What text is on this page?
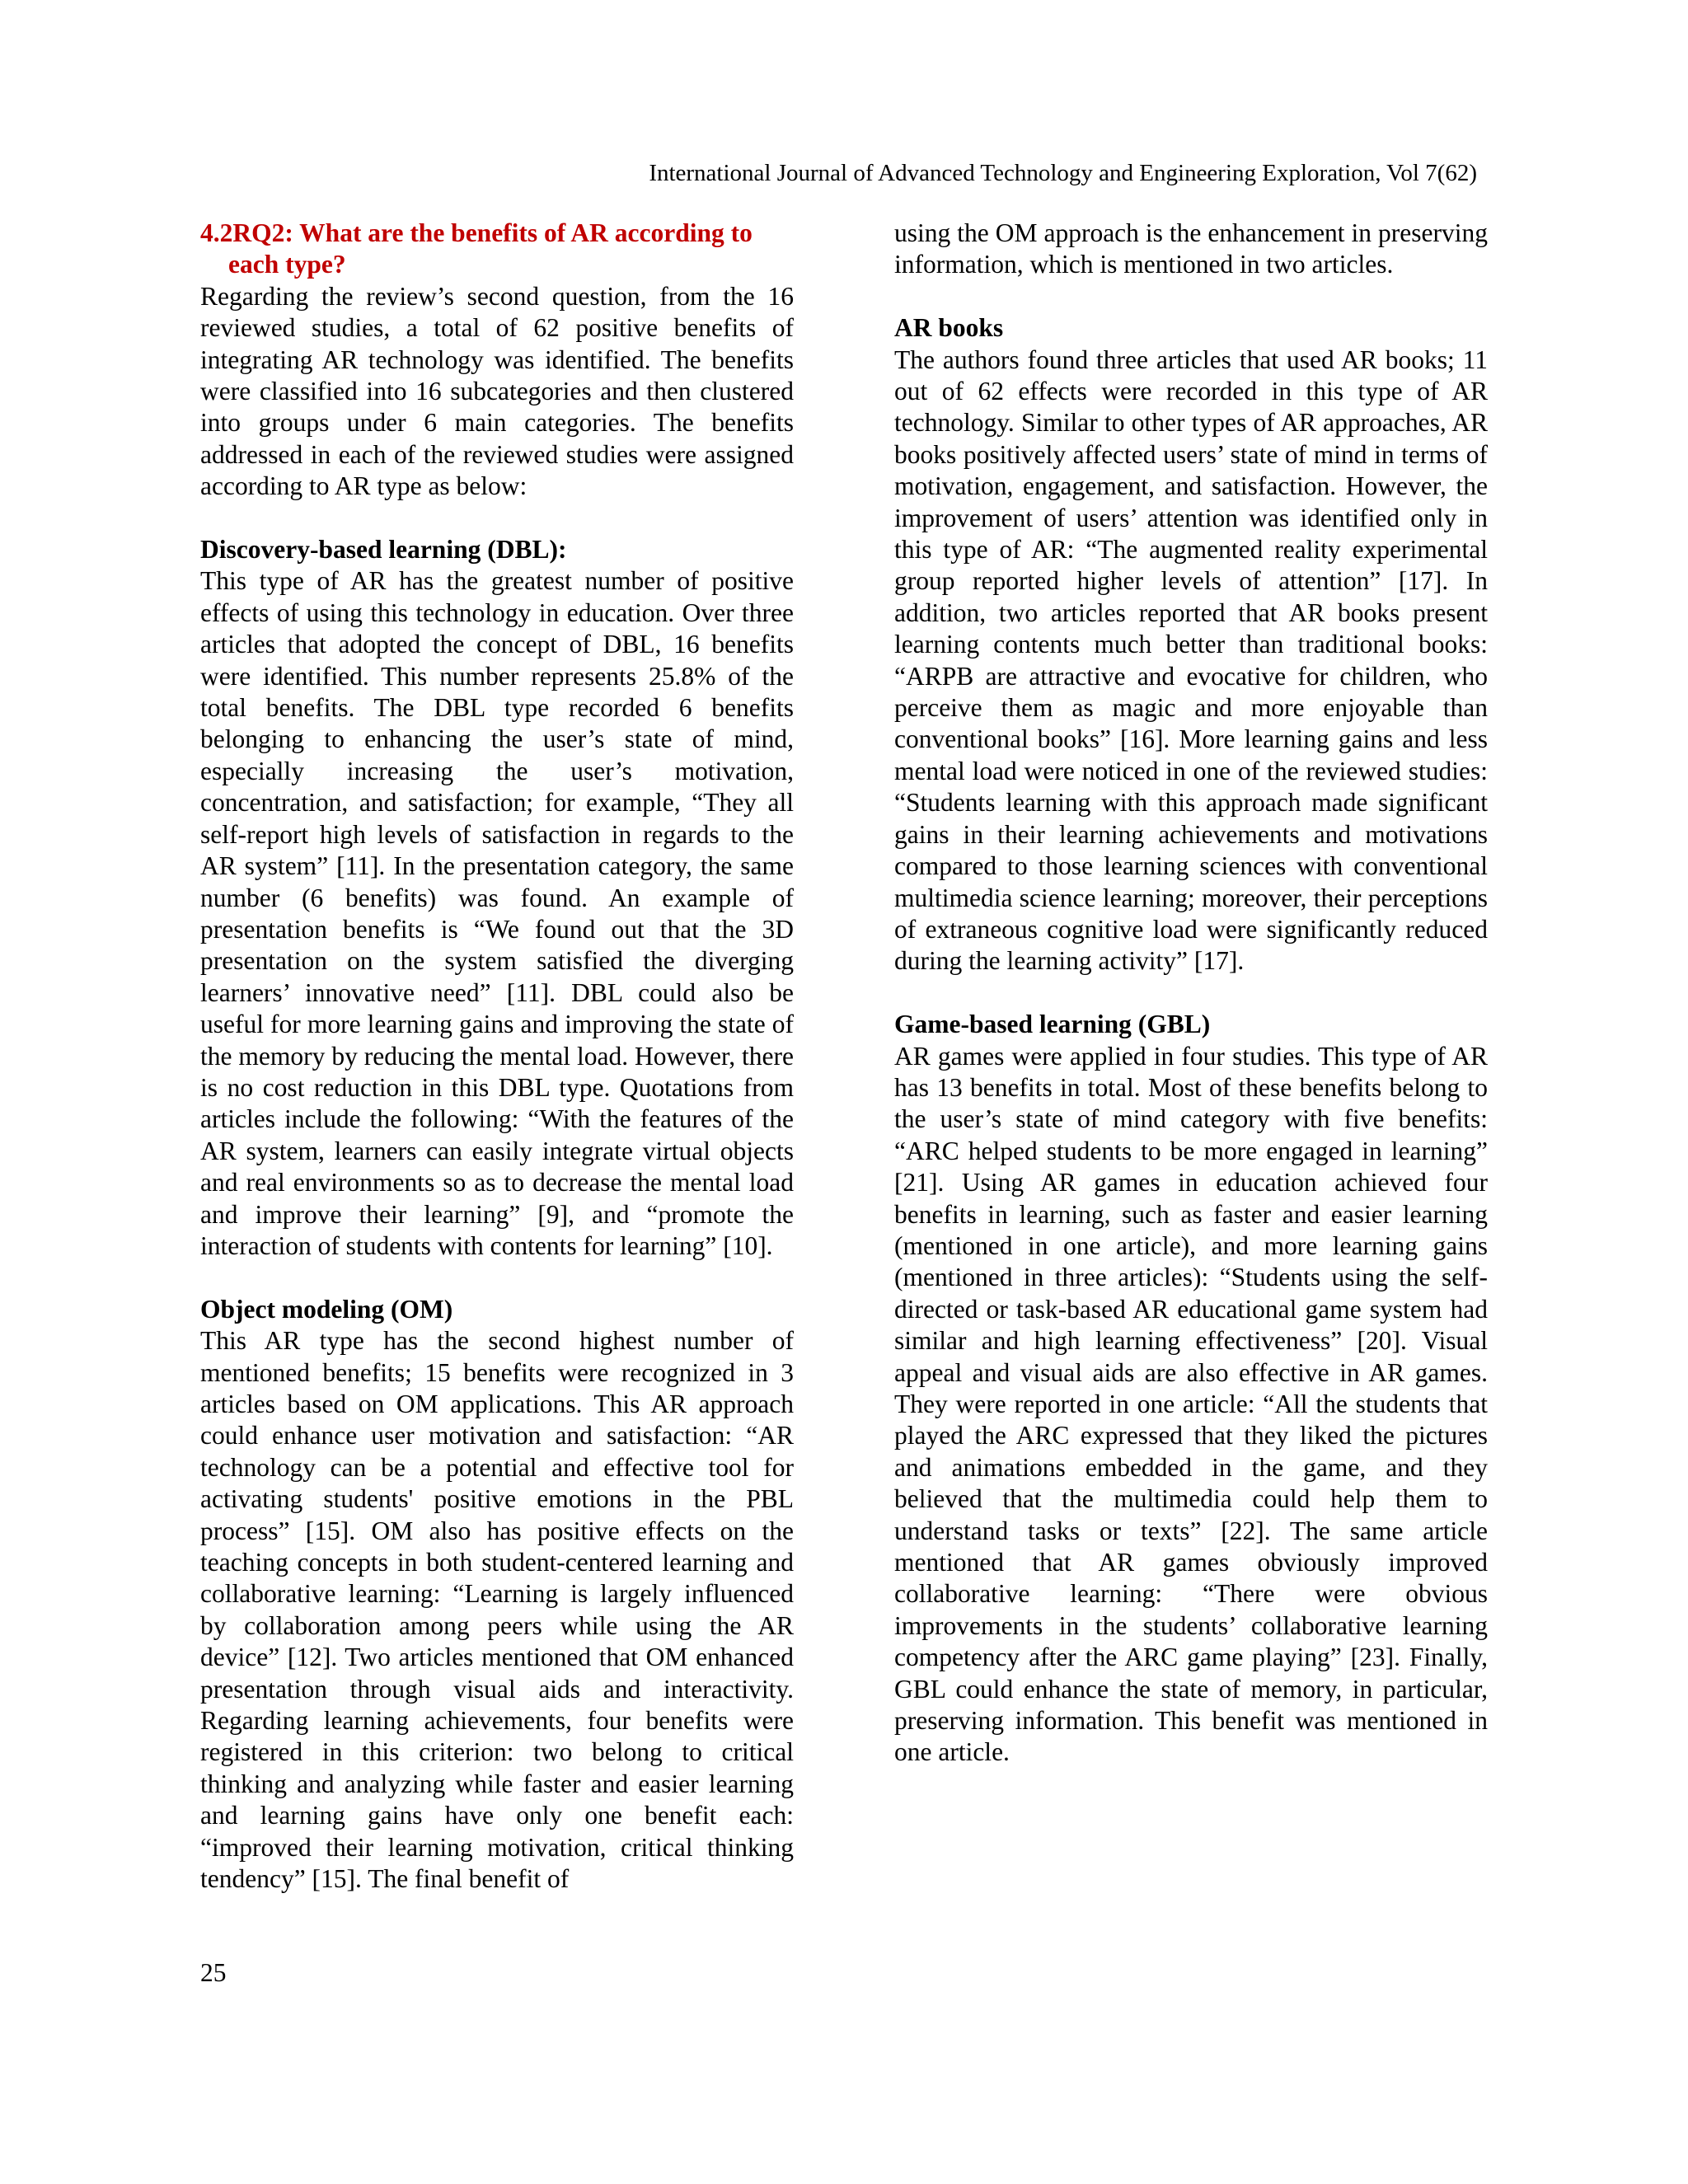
International Journal of Advanced Technology and Engineering Exploration, Vol 7(62)
4.2RQ2: What are the benefits of AR according to each type?

Regarding the review’s second question, from the 16 reviewed studies, a total of 62 positive benefits of integrating AR technology was identified. The benefits were classified into 16 subcategories and then clustered into groups under 6 main categories. The benefits addressed in each of the reviewed studies were assigned according to AR type as below:

Discovery-based learning (DBL):

This type of AR has the greatest number of positive effects of using this technology in education. Over three articles that adopted the concept of DBL, 16 benefits were identified. This number represents 25.8% of the total benefits. The DBL type recorded 6 benefits belonging to enhancing the user’s state of mind, especially increasing the user’s motivation, concentration, and satisfaction; for example, “They all self-report high levels of satisfaction in regards to the AR system” [11]. In the presentation category, the same number (6 benefits) was found. An example of presentation benefits is “We found out that the 3D presentation on the system satisfied the diverging learners’ innovative need” [11]. DBL could also be useful for more learning gains and improving the state of the memory by reducing the mental load. However, there is no cost reduction in this DBL type. Quotations from articles include the following: “With the features of the AR system, learners can easily integrate virtual objects and real environments so as to decrease the mental load and improve their learning” [9], and “promote the interaction of students with contents for learning” [10].

Object modeling (OM)

This AR type has the second highest number of mentioned benefits; 15 benefits were recognized in 3 articles based on OM applications. This AR approach could enhance user motivation and satisfaction: “AR technology can be a potential and effective tool for activating students' positive emotions in the PBL process” [15]. OM also has positive effects on the teaching concepts in both student-centered learning and collaborative learning: “Learning is largely influenced by collaboration among peers while using the AR device” [12]. Two articles mentioned that OM enhanced presentation through visual aids and interactivity. Regarding learning achievements, four benefits were registered in this criterion: two belong to critical thinking and analyzing while faster and easier learning and learning gains have only one benefit each: “improved their learning motivation, critical thinking tendency” [15]. The final benefit of

using the OM approach is the enhancement in preserving information, which is mentioned in two articles.

AR books

The authors found three articles that used AR books; 11 out of 62 effects were recorded in this type of AR technology. Similar to other types of AR approaches, AR books positively affected users’ state of mind in terms of motivation, engagement, and satisfaction. However, the improvement of users’ attention was identified only in this type of AR: “The augmented reality experimental group reported higher levels of attention” [17]. In addition, two articles reported that AR books present learning contents much better than traditional books: “ARPB are attractive and evocative for children, who perceive them as magic and more enjoyable than conventional books” [16]. More learning gains and less mental load were noticed in one of the reviewed studies: “Students learning with this approach made significant gains in their learning achievements and motivations compared to those learning sciences with conventional multimedia science learning; moreover, their perceptions of extraneous cognitive load were significantly reduced during the learning activity” [17].

Game-based learning (GBL)

AR games were applied in four studies. This type of AR has 13 benefits in total. Most of these benefits belong to the user’s state of mind category with five benefits: “ARC helped students to be more engaged in learning” [21]. Using AR games in education achieved four benefits in learning, such as faster and easier learning (mentioned in one article), and more learning gains (mentioned in three articles): “Students using the self-directed or task-based AR educational game system had similar and high learning effectiveness” [20]. Visual appeal and visual aids are also effective in AR games. They were reported in one article: “All the students that played the ARC expressed that they liked the pictures and animations embedded in the game, and they believed that the multimedia could help them to understand tasks or texts” [22]. The same article mentioned that AR games obviously improved collaborative learning: “There were obvious improvements in the students’ collaborative learning competency after the ARC game playing” [23]. Finally, GBL could enhance the state of memory, in particular, preserving information. This benefit was mentioned in one article.

25
